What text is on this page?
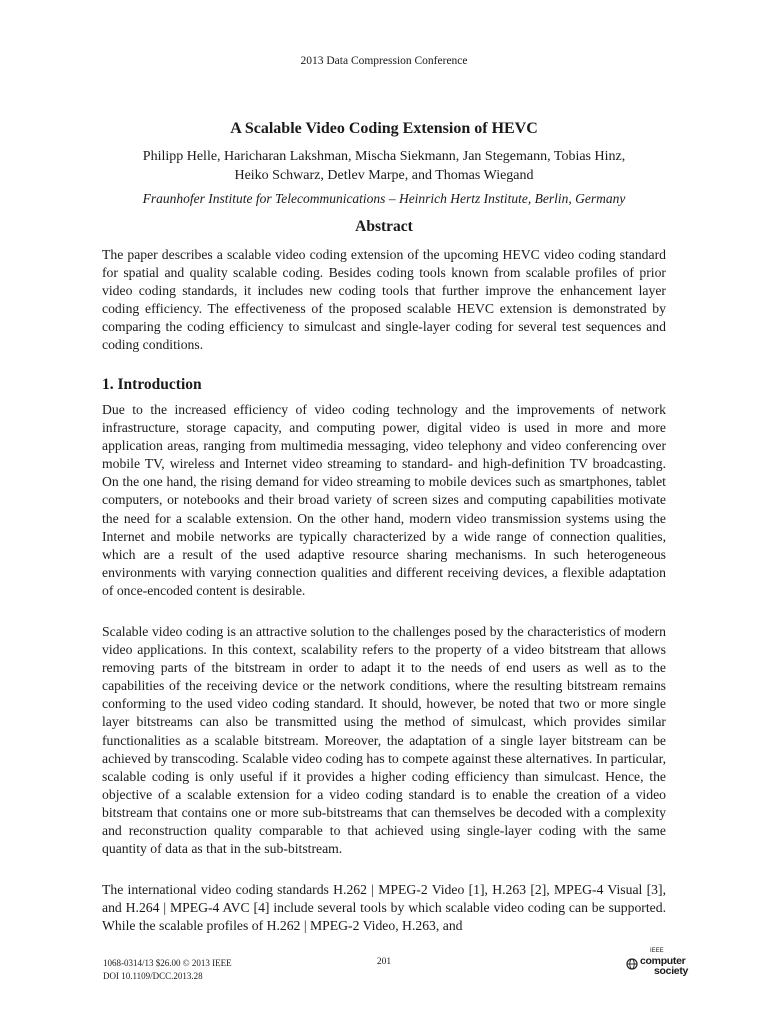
2013 Data Compression Conference
A Scalable Video Coding Extension of HEVC
Philipp Helle, Haricharan Lakshman, Mischa Siekmann, Jan Stegemann, Tobias Hinz,
Heiko Schwarz, Detlev Marpe, and Thomas Wiegand
Fraunhofer Institute for Telecommunications – Heinrich Hertz Institute, Berlin, Germany
Abstract

The paper describes a scalable video coding extension of the upcoming HEVC video coding standard for spatial and quality scalable coding. Besides coding tools known from scalable profiles of prior video coding standards, it includes new coding tools that further improve the enhancement layer coding efficiency. The effectiveness of the proposed scalable HEVC extension is demonstrated by comparing the coding efficiency to simulcast and single-layer coding for several test sequences and coding conditions.

1. Introduction

Due to the increased efficiency of video coding technology and the improvements of network infrastructure, storage capacity, and computing power, digital video is used in more and more application areas, ranging from multimedia messaging, video telephony and video conferencing over mobile TV, wireless and Internet video streaming to standard- and high-definition TV broadcasting. On the one hand, the rising demand for video streaming to mobile devices such as smartphones, tablet computers, or notebooks and their broad variety of screen sizes and computing capabilities motivate the need for a scalable extension. On the other hand, modern video transmission systems using the Internet and mobile networks are typically characterized by a wide range of connection qualities, which are a result of the used adaptive resource sharing mechanisms. In such heterogeneous environments with varying connection qualities and different receiving devices, a flexible adaptation of once-encoded content is desirable.

Scalable video coding is an attractive solution to the challenges posed by the characteristics of modern video applications. In this context, scalability refers to the property of a video bitstream that allows removing parts of the bitstream in order to adapt it to the needs of end users as well as to the capabilities of the receiving device or the network conditions, where the resulting bitstream remains conforming to the used video coding standard. It should, however, be noted that two or more single layer bitstreams can also be transmitted using the method of simulcast, which provides similar functionalities as a scalable bitstream. Moreover, the adaptation of a single layer bitstream can be achieved by transcoding. Scalable video coding has to compete against these alternatives. In particular, scalable coding is only useful if it provides a higher coding efficiency than simulcast. Hence, the objective of a scalable extension for a video coding standard is to enable the creation of a video bitstream that contains one or more sub-bitstreams that can themselves be decoded with a complexity and reconstruction quality comparable to that achieved using single-layer coding with the same quantity of data as that in the sub-bitstream.

The international video coding standards H.262 | MPEG-2 Video [1], H.263 [2], MPEG-4 Visual [3], and H.264 | MPEG-4 AVC [4] include several tools by which scalable video coding can be supported. While the scalable profiles of H.262 | MPEG-2 Video, H.263, and

1068-0314/13 $26.00 © 2013 IEEE
DOI 10.1109/DCC.2013.28
201
IEEE
computer
society
